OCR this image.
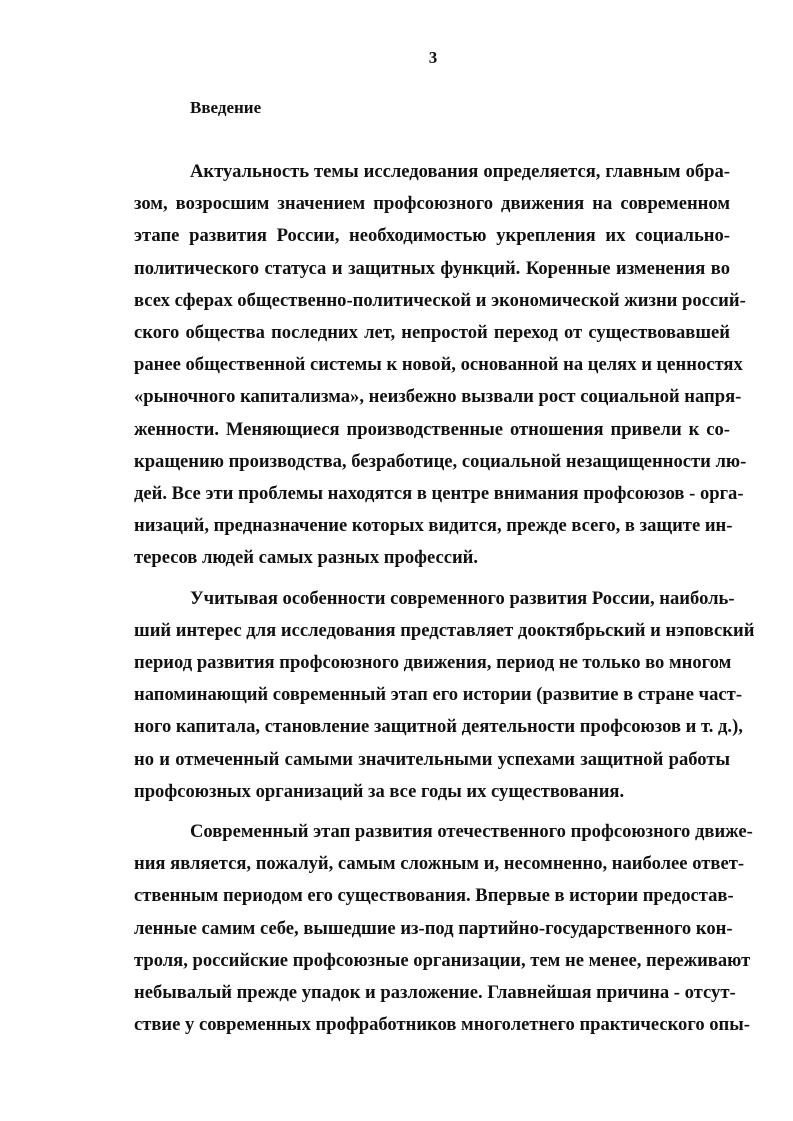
3
Введение

Актуальность темы исследования определяется, главным обра-
зом, возросшим значением профсоюзного движения на современном
этапе развития России, необходимостью укрепления их социально-
политического статуса и защитных функций. Коренные изменения во
всех сферах общественно-политической и экономической жизни россий-
ского общества последних лет, непростой переход от существовавшей
ранее общественной системы к новой, основанной на целях и ценностях
«рыночного капитализма», неизбежно вызвали рост социальной напря-
женности. Меняющиеся производственные отношения привели к со-
кращению производства, безработице, социальной незащищенности лю-
дей. Все эти проблемы находятся в центре внимания профсоюзов - орга-
низаций, предназначение которых видится, прежде всего, в защите ин-
тересов людей самых разных профессий.

Учитывая особенности современного развития России, наиболь-
ший интерес для исследования представляет дооктябрьский и нэповский
период развития профсоюзного движения, период не только во многом
напоминающий современный этап его истории (развитие в стране част-
ного капитала, становление защитной деятельности профсоюзов и т. д.),
но и отмеченный самыми значительными успехами защитной работы
профсоюзных организаций за все годы их существования.

Современный этап развития отечественного профсоюзного движе-
ния является, пожалуй, самым сложным и, несомненно, наиболее ответ-
ственным периодом его существования. Впервые в истории предостав-
ленные самим себе, вышедшие из-под партийно-государственного кон-
троля, российские профсоюзные организации, тем не менее, переживают
небывалый прежде упадок и разложение. Главнейшая причина - отсут-
ствие у современных профработников многолетнего практического опы-
